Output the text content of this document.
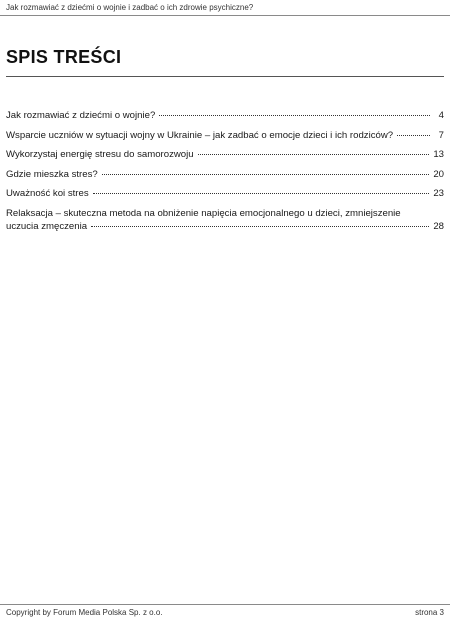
Jak rozmawiać z dziećmi o wojnie i zadbać o ich zdrowie psychiczne?
SPIS TREŚCI
Jak rozmawiać z dziećmi o wojnie?	4
Wsparcie uczniów w sytuacji wojny w Ukrainie – jak zadbać o emocje dzieci i ich rodziców?	7
Wykorzystaj energię stresu do samorozwoju	13
Gdzie mieszka stres?	20
Uważność koi stres	23
Relaksacja – skuteczna metoda na obniżenie napięcia emocjonalnego u dzieci, zmniejszenie
uczucia zmęczenia	28
Copyright by Forum Media Polska Sp. z o.o.	strona 3
